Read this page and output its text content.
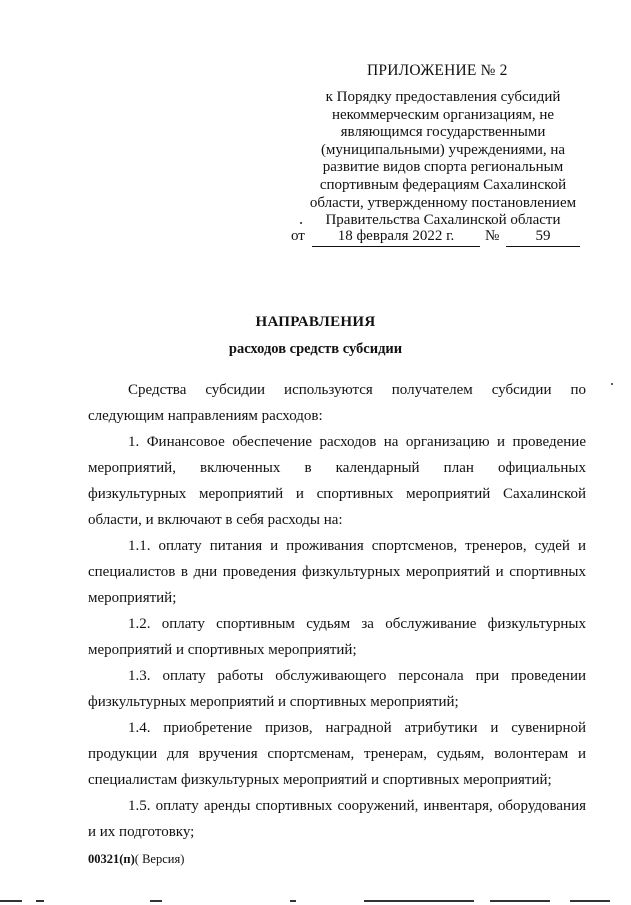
ПРИЛОЖЕНИЕ № 2
к Порядку предоставления субсидий
некоммерческим организациям, не
являющимся государственными
(муниципальными) учреждениями, на
развитие видов спорта региональным
спортивным федерациям Сахалинской
области, утвержденному постановлением
Правительства Сахалинской области
от	18 февраля 2022 г.	№	59
НАПРАВЛЕНИЯ
расходов средств субсидии

Средства субсидии используются получателем субсидии по следующим направлениям расходов:

1. Финансовое обеспечение расходов на организацию и проведение мероприятий, включенных в календарный план официальных физкультурных мероприятий и спортивных мероприятий Сахалинской области, и включают в себя расходы на:

1.1. оплату питания и проживания спортсменов, тренеров, судей и специалистов в дни проведения физкультурных мероприятий и спортивных мероприятий;

1.2. оплату спортивным судьям за обслуживание физкультурных мероприятий и спортивных мероприятий;

1.3. оплату работы обслуживающего персонала при проведении физкультурных мероприятий и спортивных мероприятий;

1.4. приобретение призов, наградной атрибутики и сувенирной продукции для вручения спортсменам, тренерам, судьям, волонтерам и специалистам физкультурных мероприятий и спортивных мероприятий;

1.5. оплату аренды спортивных сооружений, инвентаря, оборудования и их подготовку;

00321(п)( Версия)
